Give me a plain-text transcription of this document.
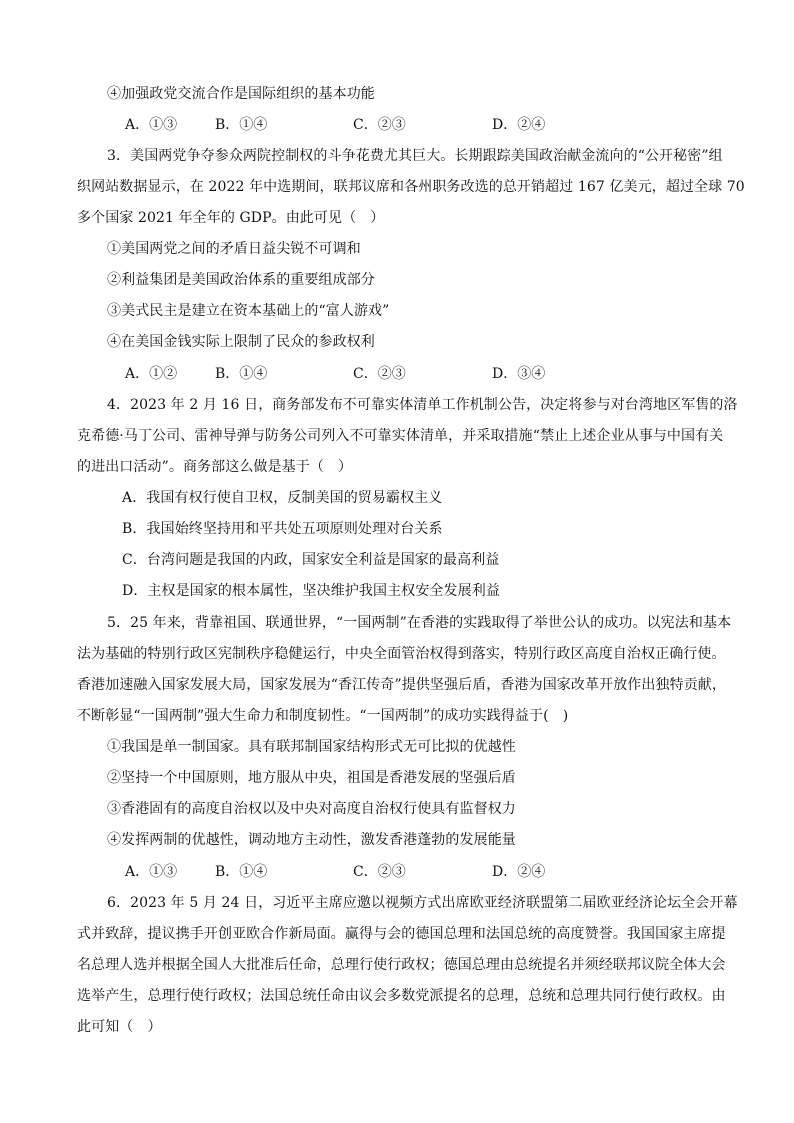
④加强政党交流合作是国际组织的基本功能
A．①③	B．①④	C．②③	D．②④
3．美国两党争夺参众两院控制权的斗争花费尤其巨大。长期跟踪美国政治献金流向的“公开秘密”组
织网站数据显示，在 2022 年中选期间，联邦议席和各州职务改选的总开销超过 167 亿美元，超过全球 70
多个国家 2021 年全年的 GDP。由此可见（　）
①美国两党之间的矛盾日益尖锐不可调和
②利益集团是美国政治体系的重要组成部分
③美式民主是建立在资本基础上的“富人游戏”
④在美国金钱实际上限制了民众的参政权利
A．①②	B．①④	C．②③	D．③④
4．2023 年 2 月 16 日，商务部发布不可靠实体清单工作机制公告，决定将参与对台湾地区军售的洛
克希德·马丁公司、雷神导弹与防务公司列入不可靠实体清单，并采取措施“禁止上述企业从事与中国有关
的进出口活动”。商务部这么做是基于（　）
A．我国有权行使自卫权，反制美国的贸易霸权主义
B．我国始终坚持用和平共处五项原则处理对台关系
C．台湾问题是我国的内政，国家安全利益是国家的最高利益
D．主权是国家的根本属性，坚决维护我国主权安全发展利益
5．25 年来，背靠祖国、联通世界，“一国两制”在香港的实践取得了举世公认的成功。以宪法和基本
法为基础的特别行政区宪制秩序稳健运行，中央全面管治权得到落实，特别行政区高度自治权正确行使。
香港加速融入国家发展大局，国家发展为“香江传奇”提供坚强后盾，香港为国家改革开放作出独特贡献，
不断彰显“一国两制”强大生命力和制度韧性。“一国两制”的成功实践得益于(　)
①我国是单一制国家。具有联邦制国家结构形式无可比拟的优越性
②坚持一个中国原则，地方服从中央，祖国是香港发展的坚强后盾
③香港固有的高度自治权以及中央对高度自治权行使具有监督权力
④发挥两制的优越性，调动地方主动性，激发香港蓬勃的发展能量
A．①③	B．①④	C．②③	D．②④
6．2023 年 5 月 24 日，习近平主席应邀以视频方式出席欧亚经济联盟第二届欧亚经济论坛全会开幕
式并致辞，提议携手开创亚欧合作新局面。赢得与会的德国总理和法国总统的高度赞誉。我国国家主席提
名总理人选并根据全国人大批准后任命，总理行使行政权；德国总理由总统提名并须经联邦议院全体大会
选举产生，总理行使行政权；法国总统任命由议会多数党派提名的总理，总统和总理共同行使行政权。由
此可知（　）
